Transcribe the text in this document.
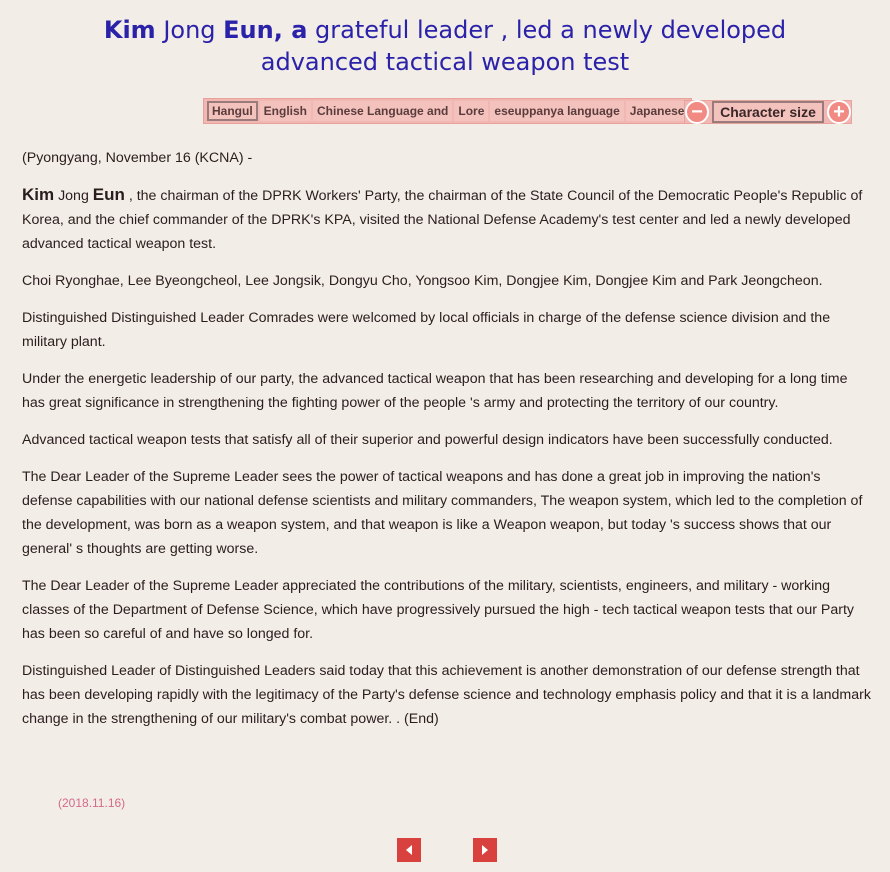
Kim Jong Eun, a grateful leader , led a newly developed
advanced tactical weapon test
Hangul English Chinese Language and Lore eseuppanya language Japanese −	Character size +

(Pyongyang, November 16 (KCNA) -

Kim Jong Eun , the chairman of the DPRK Workers' Party, the chairman of the State Council of the Democratic People's Republic of Korea, and the chief commander of the DPRK's KPA, visited the National Defense Academy's test center and led a newly developed advanced tactical weapon test.

Choi Ryonghae, Lee Byeongcheol, Lee Jongsik, Dongyu Cho, Yongsoo Kim, Dongjee Kim, Dongjee Kim and Park Jeongcheon.

Distinguished Distinguished Leader Comrades were welcomed by local officials in charge of the defense science division and the military plant.

Under the energetic leadership of our party, the advanced tactical weapon that has been researching and developing for a long time has great significance in strengthening the fighting power of the people 's army and protecting the territory of our country.

Advanced tactical weapon tests that satisfy all of their superior and powerful design indicators have been successfully conducted.

The Dear Leader of the Supreme Leader sees the power of tactical weapons and has done a great job in improving the nation's defense capabilities with our national defense scientists and military commanders, The weapon system, which led to the completion of the development, was born as a weapon system, and that weapon is like a Weapon weapon, but today 's success shows that our general' s thoughts are getting worse.

The Dear Leader of the Supreme Leader appreciated the contributions of the military, scientists, engineers, and military - working classes of the Department of Defense Science, which have progressively pursued the high - tech tactical weapon tests that our Party has been so careful of and have so longed for.

Distinguished Leader of Distinguished Leaders said today that this achievement is another demonstration of our defense strength that has been developing rapidly with the legitimacy of the Party's defense science and technology emphasis policy and that it is a landmark change in the strengthening of our military's combat power. . (End)

(2018.11.16)
